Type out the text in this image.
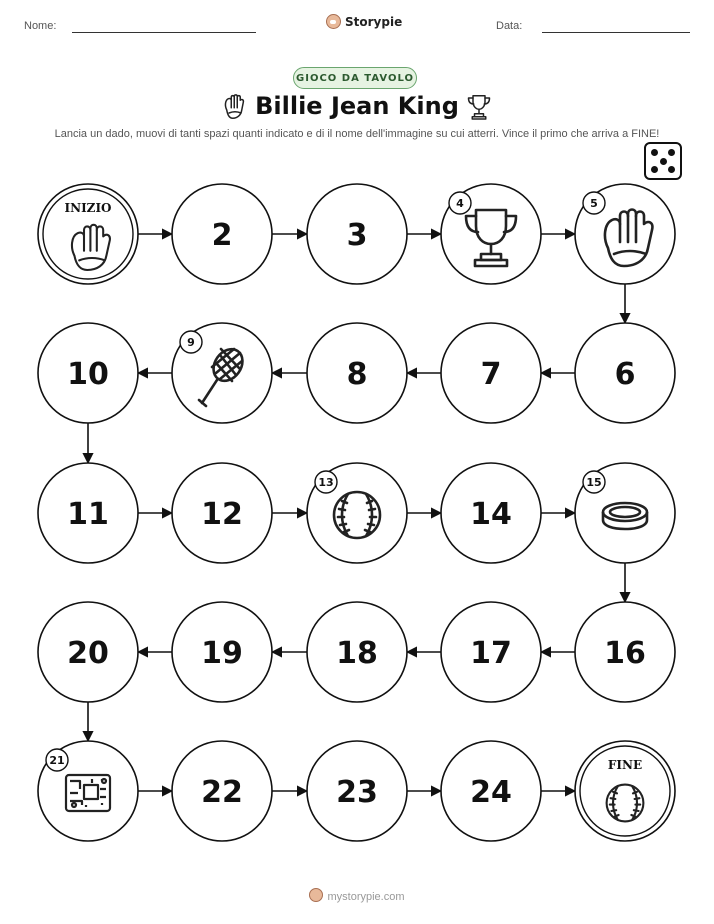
Nome:	Storypie	Data:
GIOCO DA TAVOLO
Billie Jean King
Lancia un dado, muovi di tanti spazi quanti indicato e di il nome dell'immagine su cui atterri. Vince il primo che arriva a FINE!
INIZIO
2	3
4	5
6
7
8
9
10
11	12
13
14
15
16
17
18
19
20
21
22	23	24
FINE
mystorypie.com
